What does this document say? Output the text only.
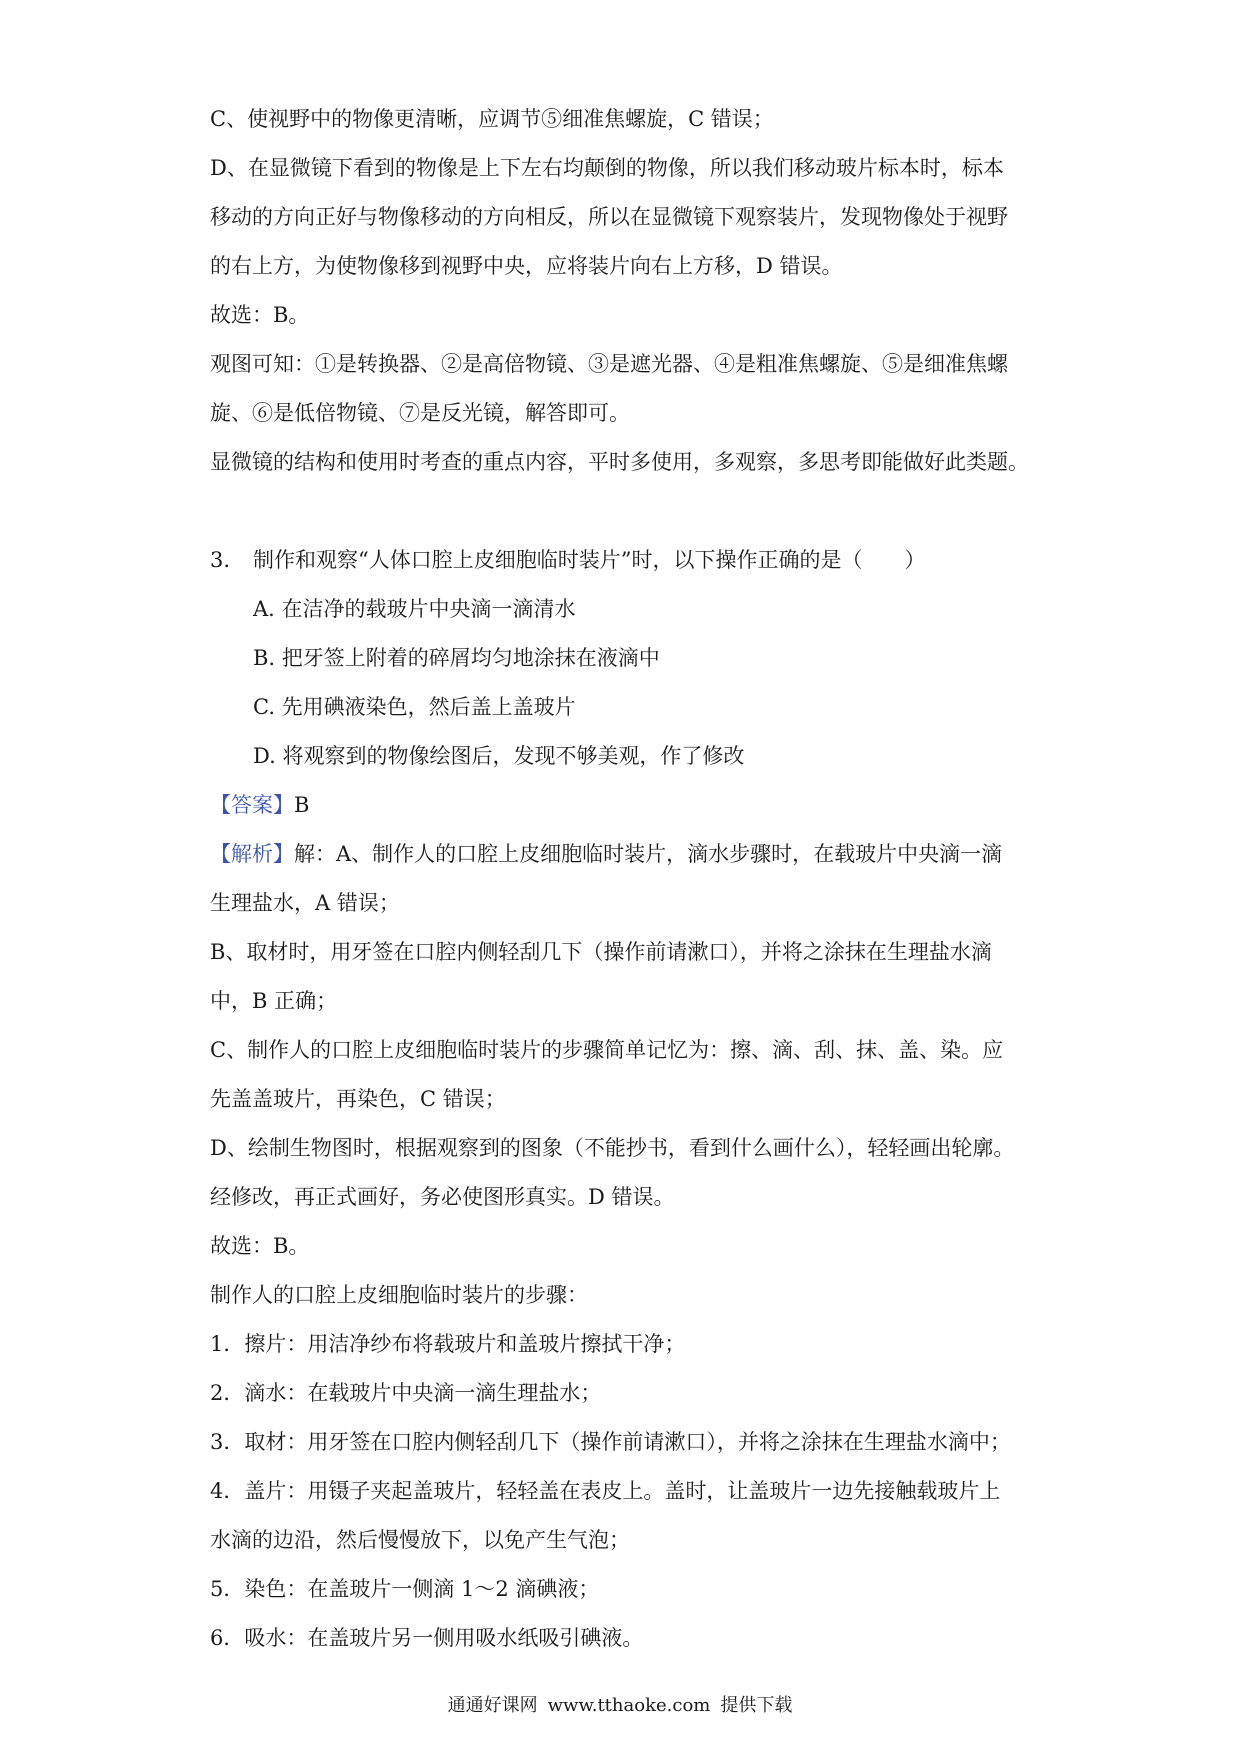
C、使视野中的物像更清晰，应调节⑤细准焦螺旋，C 错误；
D、在显微镜下看到的物像是上下左右均颠倒的物像，所以我们移动玻片标本时，标本
移动的方向正好与物像移动的方向相反，所以在显微镜下观察装片，发现物像处于视野
的右上方，为使物像移到视野中央，应将装片向右上方移，D 错误。
故选：B。
观图可知：①是转换器、②是高倍物镜、③是遮光器、④是粗准焦螺旋、⑤是细准焦螺
旋、⑥是低倍物镜、⑦是反光镜，解答即可。
显微镜的结构和使用时考查的重点内容，平时多使用，多观察，多思考即能做好此类题。
3. 制作和观察“人体口腔上皮细胞临时装片”时，以下操作正确的是（　　）
A. 在洁净的载玻片中央滴一滴清水
B. 把牙签上附着的碎屑均匀地涂抹在液滴中
C. 先用碘液染色，然后盖上盖玻片
D. 将观察到的物像绘图后，发现不够美观，作了修改
【答案】B
【解析】解：A、制作人的口腔上皮细胞临时装片，滴水步骤时，在载玻片中央滴一滴
生理盐水，A 错误；
B、取材时，用牙签在口腔内侧轻刮几下（操作前请漱口），并将之涂抹在生理盐水滴
中，B 正确；
C、制作人的口腔上皮细胞临时装片的步骤简单记忆为：擦、滴、刮、抹、盖、染。应
先盖盖玻片，再染色，C 错误；
D、绘制生物图时，根据观察到的图象（不能抄书，看到什么画什么），轻轻画出轮廓。
经修改，再正式画好，务必使图形真实。D 错误。
故选：B。
制作人的口腔上皮细胞临时装片的步骤：
1．擦片：用洁净纱布将载玻片和盖玻片擦拭干净；
2．滴水：在载玻片中央滴一滴生理盐水；
3．取材：用牙签在口腔内侧轻刮几下（操作前请漱口），并将之涂抹在生理盐水滴中；
4．盖片：用镊子夹起盖玻片，轻轻盖在表皮上。盖时，让盖玻片一边先接触载玻片上
水滴的边沿，然后慢慢放下，以免产生气泡；
5．染色：在盖玻片一侧滴 1～2 滴碘液；
6．吸水：在盖玻片另一侧用吸水纸吸引碘液。
通通好课网 www.tthaoke.com 提供下载
